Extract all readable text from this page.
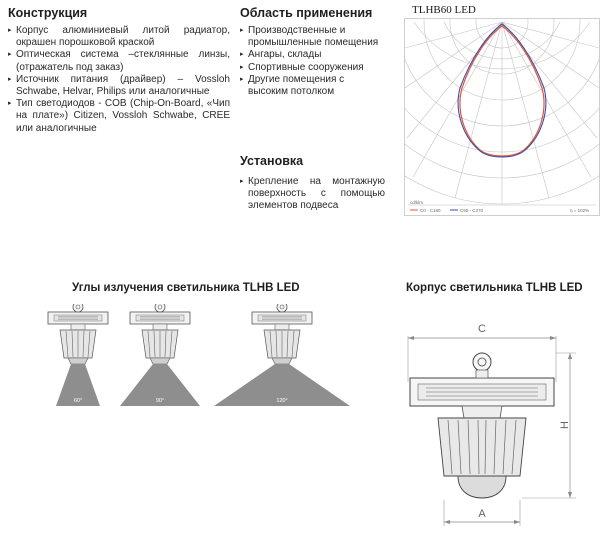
Конструкция
▸ Корпус алюминиевый литой радиатор, окрашен порошковой краской
▸ Оптическая система –стеклянные линзы, (отражатель под заказ)
▸ Источник питания (драйвер) – Vossloh Schwabe, Helvar, Philips или аналогичные
▸ Тип светодиодов - COB (Chip-On-Board, «Чип на плате») Citizen, Vossloh Schwabe, CREE или аналогичные
Область применения
▸ Производственные и промышленные помещения
▸ Ангары, склады
▸ Спортивные сооружения
▸ Другие помещения с высоким потолком
Установка
▸ Крепление на монтажную поверхность с помощью элементов подвеса
TLHB60 LED
cd/klm
C0 - C180	C90 - C270	η = 102%
Углы излучения светильника TLHB LED
60°	90°	120°
Корпус светильника TLHB LED
C
A
H
